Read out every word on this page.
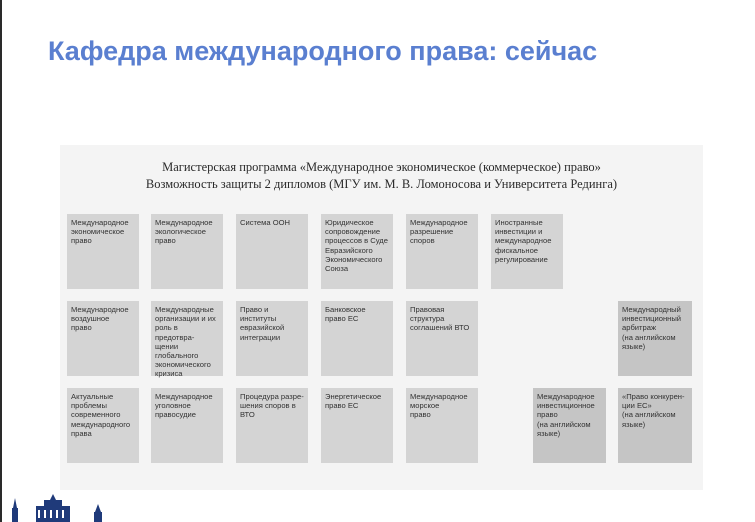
Кафедра международного права: сейчас
Магистерская программа «Международное экономическое (коммерческое) право»
Возможность защиты 2 дипломов (МГУ им. М. В. Ломоносова и Университета Рединга)
Международное
экономическое
право
Международное
экологическое
право
Система ООН	Юридическое
сопровождение
процессов в Суде
Евразийского
Экономического
Союза
Международное
разрешение
споров
Иностранные
инвестиции и
международное
фискальное
регулирование
Международное
воздушное
право
Международные
организации и их
роль в предотвра-
щении
глобального
экономического
кризиса
Право и институты
евразийской
интеграции
Банковское
право ЕС
Правовая
структура
соглашений ВТО
Международный
инвестиционный
арбитраж
(на английском
языке)
Актуальные
проблемы
современного
международного
права
Международное
уголовное
правосудие
Процедура разре-
шения споров в
ВТО
Энергетическое
право ЕС
Международное
морское
право
Международное
инвестиционное
право
(на английском
языке)
«Право конкурен-
ции ЕС»
(на английском
языке)
